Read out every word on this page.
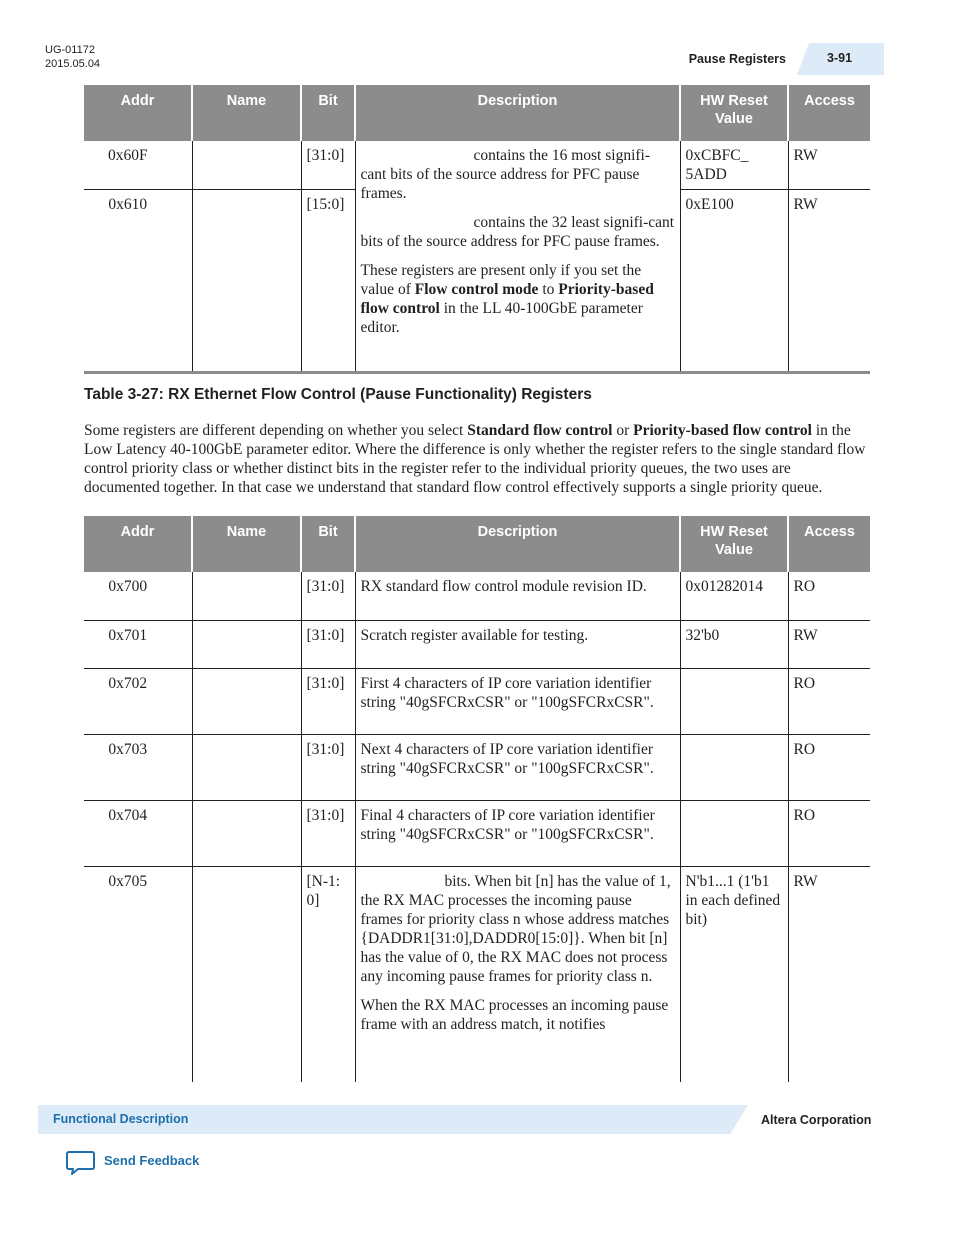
UG-01172
2015.05.04	Pause Registers	3-91
Addr	Name	Bit	Description	HW Reset Value	Access
0x60F		[31:0]	contains the 16 most signifi-cant bits of the source address for PFC pause frames.

contains the 32 least signifi-cant bits of the source address for PFC pause frames.

These registers are present only if you set the value of Flow control mode to Priority-based flow control in the LL 40-100GbE parameter editor.	0xCBFC_ 5ADD	RW
0x610		[15:0]		0xE100	RW
Table 3-27: RX Ethernet Flow Control (Pause Functionality) Registers

Some registers are different depending on whether you select Standard flow control or Priority-based flow control in the Low Latency 40-100GbE parameter editor. Where the difference is only whether the register refers to the single standard flow control priority class or whether distinct bits in the register refer to the individual priority queues, the two uses are documented together. In that case we understand that standard flow control effectively supports a single priority queue.

Addr	Name	Bit	Description	HW Reset Value	Access
0x700		[31:0]	RX standard flow control module revision ID.	0x01282014	RO
0x701		[31:0]	Scratch register available for testing.	32'b0	RW
0x702		[31:0]	First 4 characters of IP core variation identifier string "40gSFCRxCSR" or "100gSFCRxCSR".		RO
0x703		[31:0]	Next 4 characters of IP core variation identifier string "40gSFCRxCSR" or "100gSFCRxCSR".		RO
0x704		[31:0]	Final 4 characters of IP core variation identifier string "40gSFCRxCSR" or "100gSFCRxCSR".		RO
0x705		[N-1:0]	bits. When bit [n] has the value of 1, the RX MAC processes the incoming pause frames for priority class n whose address matches {DADDR1[31:0],DADDR0[15:0]}. When bit [n] has the value of 0, the RX MAC does not process any incoming pause frames for priority class n.

When the RX MAC processes an incoming pause frame with an address match, it notifies	N'b1...1 (1'b1 in each defined bit)	RW
Functional Description	Altera Corporation
Send Feedback
